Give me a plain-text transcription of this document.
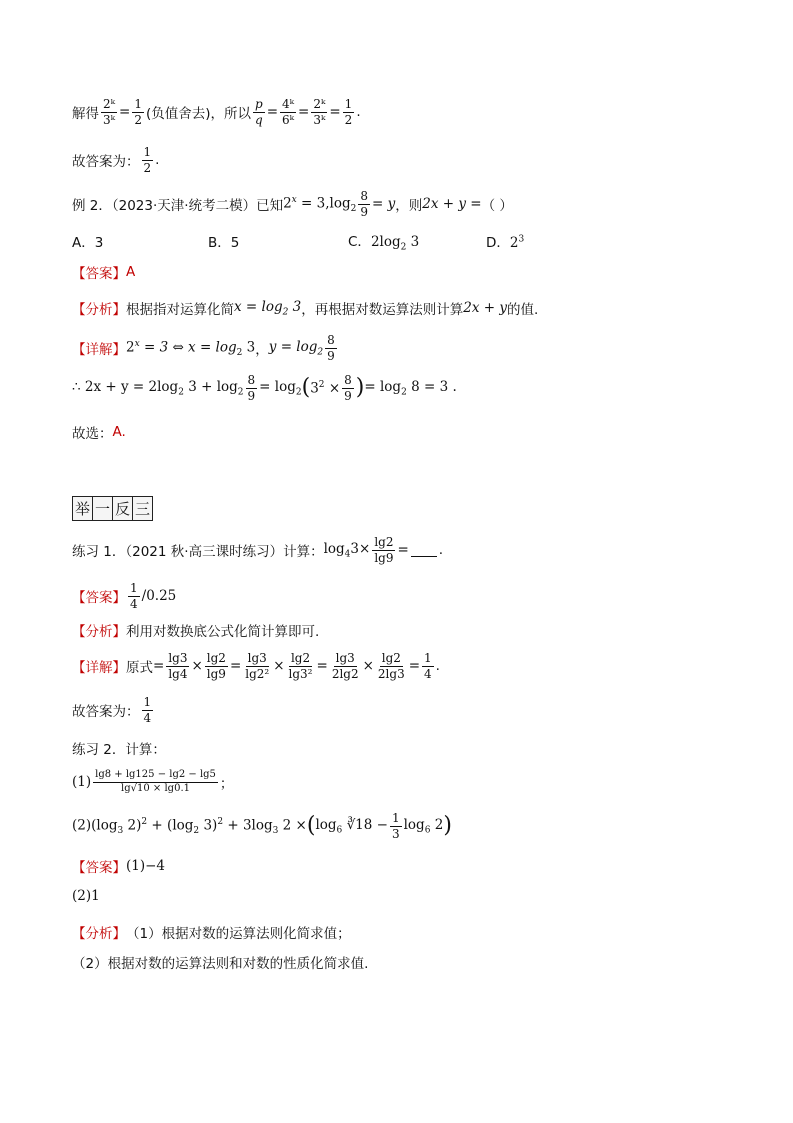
解得 $\frac{\text{2ᵏ}}{\text{3ᵏ}} = \frac{1}{2}$ (负值舍去)，所以 $\frac{p}{q} = \frac{\text{4ᵏ}}{\text{6ᵏ}} = \frac{\text{2ᵏ}}{\text{3ᵏ}} = \frac{1}{2}$ .
故答案为： $\frac{1}{2}$ .
例 2．（2023·天津·统考二模）已知 $2^x = 3,\log_2 \frac{8}{9} = y$ ，则 2x + y = （ ）
A．3	B．5	C．$2\log_2$ 3	D．$2^3$
【答案】 A
【分析】 根据指对运算化简 $x = \log_2 3$ ，再根据对数运算法则计算 2x + y 的值.
【详解】 $2^x = 3$ ⇔ $x = \log_2 3$ ， $y = \log_2 \frac{8}{9}$
∴ $2x + y = 2\log_2$ $3 + \log_2 \frac{8}{9} = \log_2$ ( $3^2 \times \frac{8}{9}$ ) = $\log_2 8 = 3$ .
故选： A.
举 一 反 三
练习 1．（2021 秋·高三课时练习）计算： $\log_43\times \frac{\lg 2}{\lg 9}$ = .
【答案】 $\frac{1}{4} /0.25$
【分析】 利用对数换底公式化简计算即可.
【详解】 原式 = $\frac{\lg 3}{\lg 4} \times \frac{\lg 2}{\lg 9} = \frac{\lg 3}{\text{lg2²}} \times \frac{\lg 2}{\text{lg3²}} = \frac{\lg 3}{2\lg 2} \times \frac{\lg 2}{2\lg 3} = \frac{1}{4}$ .
故答案为： $\frac{1}{4}$
练习 2．计算：
$(1) \frac{\lg 8 + \lg 125 - \lg 2 - \lg 5}{\lg√10 \times \lg 0.1}$ ；
$(2)(\log_3$ $2)^2 + (\log_2$ $3)^2 + 3\log_3$ 2 × ( $\log_6$ ∛18 − $\frac{1}{3} \log_6 2$ )
【答案】 (1)−4
(2)1
【分析】 （1）根据对数的运算法则化简求值；
（2）根据对数的运算法则和对数的性质化简求值.
